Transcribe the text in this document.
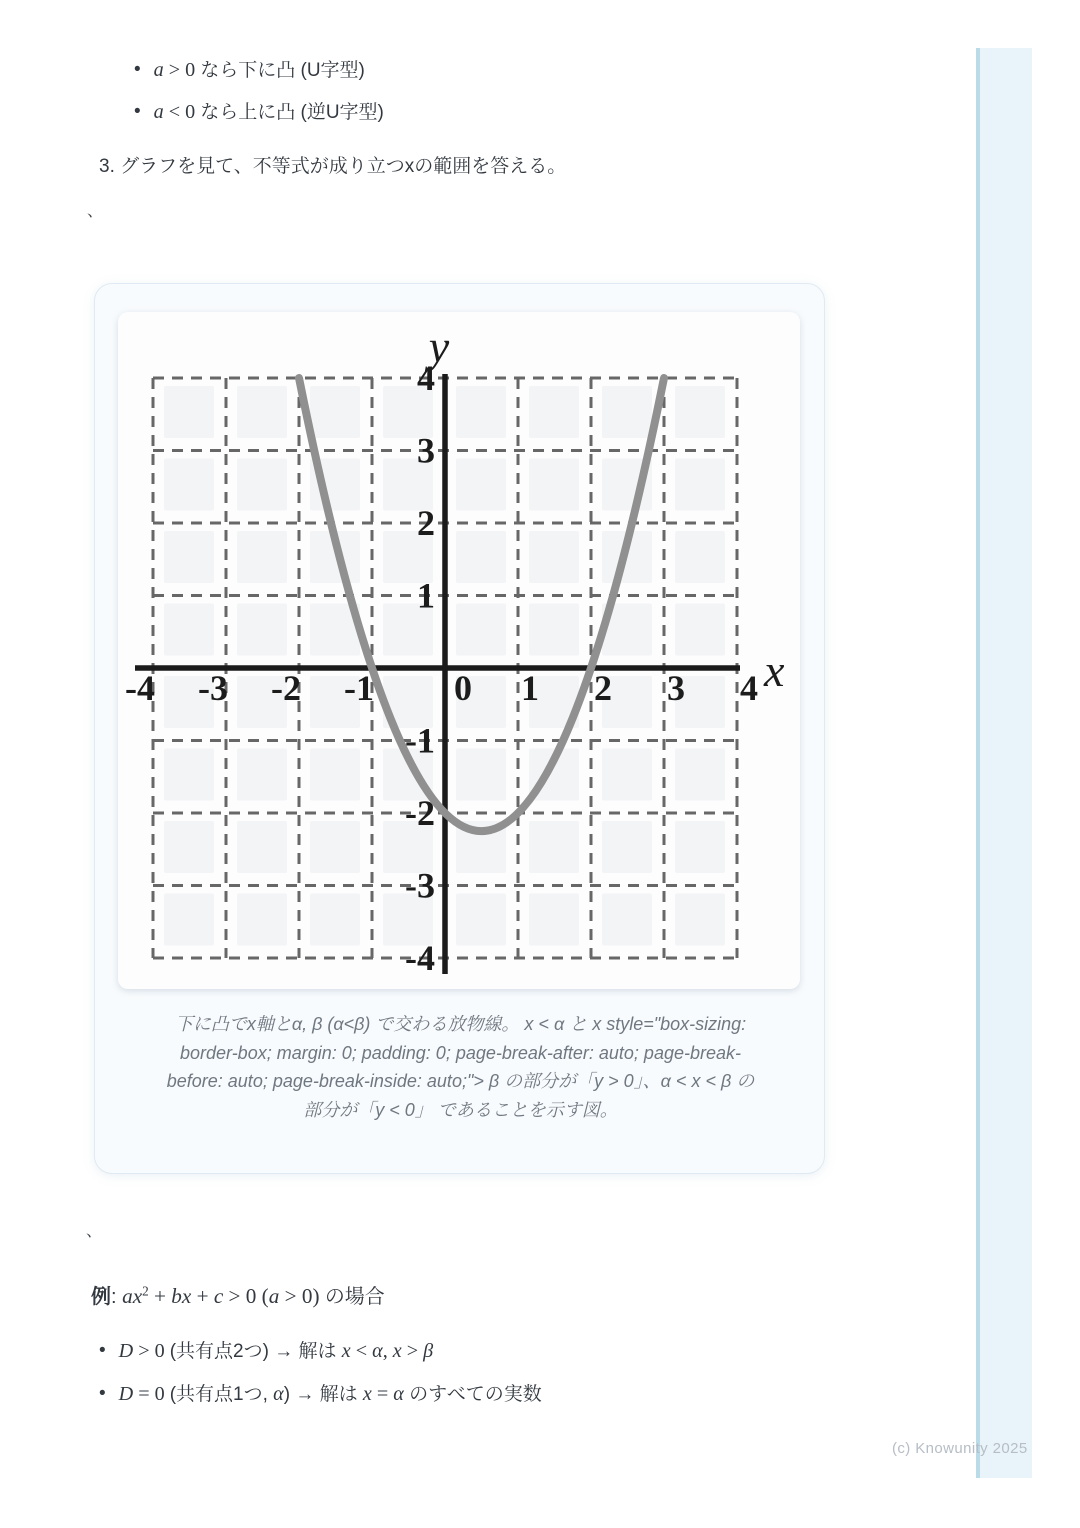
• a > 0 なら下に凸 (U字型)
• a < 0 なら上に凸 (逆U字型)
3. グラフを見て、不等式が成り立つxの範囲を答える。
、
-4 -3 -2 -1 0 1 2 3 4
4
3
2
1
-1
-2
-3
-4
x
y
下に凸でx軸とα, β (α<β) で交わる放物線。 x < α と x style="box-sizing:
border-box; margin: 0; padding: 0; page-break-after: auto; page-break-
before: auto; page-break-inside: auto;"> β の部分が「y > 0」、α < x < β の
部分が「y < 0」 であることを示す図。
、
例: $ax^2$ + bx + c > 0 (a > 0) の場合
• D > 0 (共有点2つ) → 解は x < α, x > β
• D = 0 (共有点1つ, α) → 解は x = α のすべての実数
(c) Knowunity 2025
